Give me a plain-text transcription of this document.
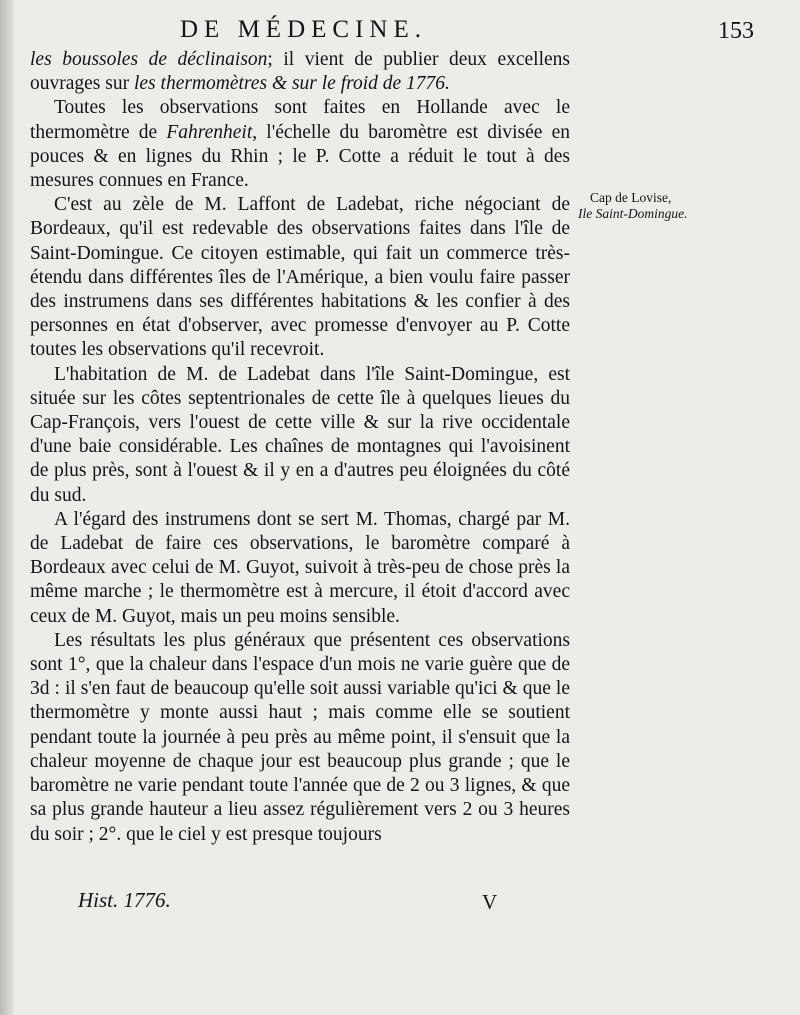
DE MÉDECINE.	153

les boussoles de déclinaison; il vient de publier deux excellens ouvrages sur les thermomètres & sur le froid de 1776.

Toutes les observations sont faites en Hollande avec le thermomètre de Fahrenheit, l'échelle du baromètre est divisée en pouces & en lignes du Rhin ; le P. Cotte a réduit le tout à des mesures connues en France.

C'est au zèle de M. Laffont de Ladebat, riche négociant de Bordeaux, qu'il est redevable des observations faites dans l'île de Saint-Domingue. Ce citoyen estimable, qui fait un commerce très-étendu dans différentes îles de l'Amérique, a bien voulu faire passer des instrumens dans ses différentes habitations & les confier à des personnes en état d'observer, avec promesse d'envoyer au P. Cotte toutes les observations qu'il recevroit.

L'habitation de M. de Ladebat dans l'île Saint-Domingue, est située sur les côtes septentrionales de cette île à quelques lieues du Cap-François, vers l'ouest de cette ville & sur la rive occidentale d'une baie considérable. Les chaînes de montagnes qui l'avoisinent de plus près, sont à l'ouest & il y en a d'autres peu éloignées du côté du sud.

A l'égard des instrumens dont se sert M. Thomas, chargé par M. de Ladebat de faire ces observations, le baromètre comparé à Bordeaux avec celui de M. Guyot, suivoit à très-peu de chose près la même marche ; le thermomètre est à mercure, il étoit d'accord avec ceux de M. Guyot, mais un peu moins sensible.

Les résultats les plus généraux que présentent ces observations sont 1°, que la chaleur dans l'espace d'un mois ne varie guère que de 3d : il s'en faut de beaucoup qu'elle soit aussi variable qu'ici & que le thermomètre y monte aussi haut ; mais comme elle se soutient pendant toute la journée à peu près au même point, il s'ensuit que la chaleur moyenne de chaque jour est beaucoup plus grande ; que le baromètre ne varie pendant toute l'année que de 2 ou 3 lignes, & que sa plus grande hauteur a lieu assez régulièrement vers 2 ou 3 heures du soir ; 2°. que le ciel y est presque toujours

Cap de Lovise,
Ile Saint-Domingue.
Hist. 1776.	V
